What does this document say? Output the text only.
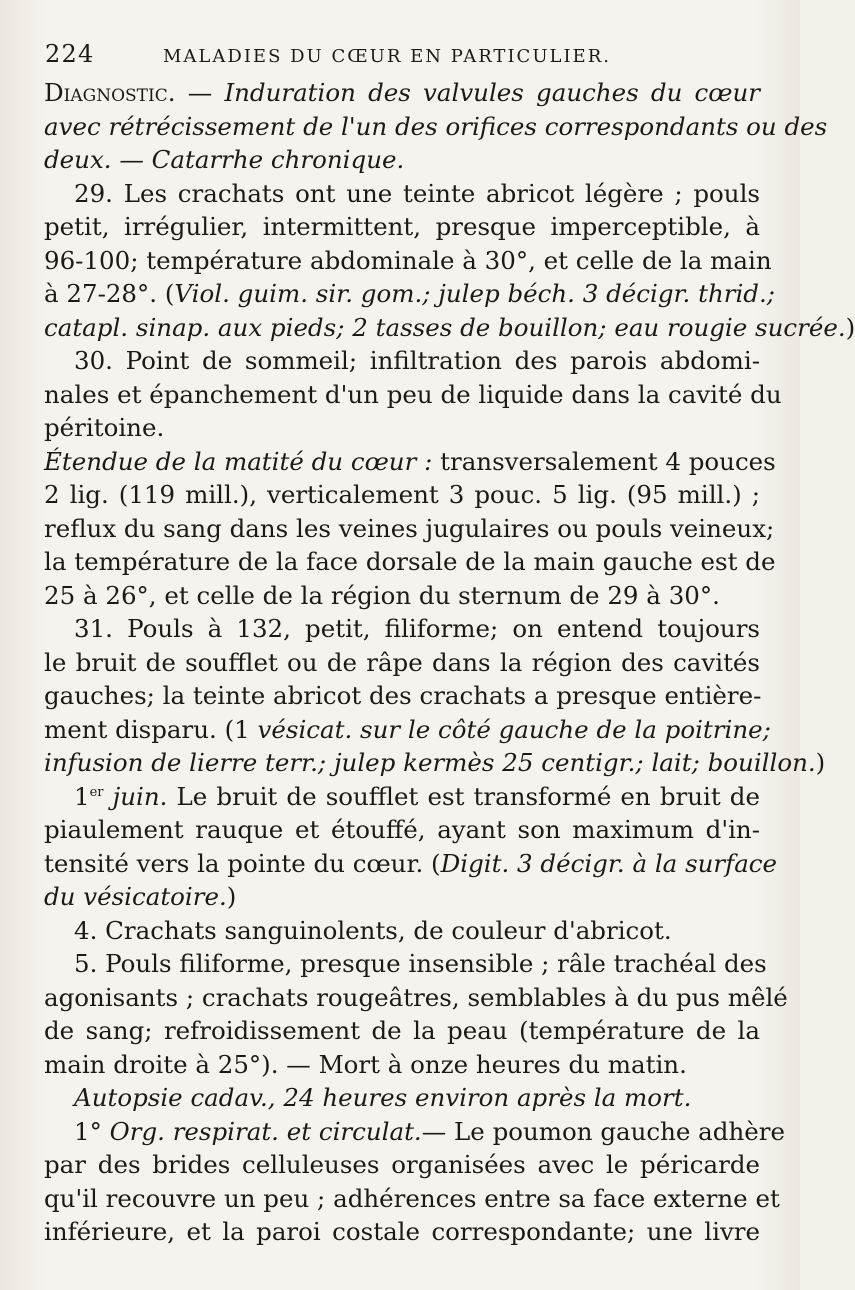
224	MALADIES DU CŒUR EN PARTICULIER.
Diagnostic. — Induration des valvules gauches du cœur
avec rétrécissement de l'un des orifices correspondants ou des
deux. — Catarrhe chronique.
29. Les crachats ont une teinte abricot légère ; pouls
petit, irrégulier, intermittent, presque imperceptible, à
96-100; température abdominale à 30°, et celle de la main
à 27-28°. (Viol. guim. sir. gom.; julep béch. 3 décigr. thrid.;
catapl. sinap. aux pieds; 2 tasses de bouillon; eau rougie sucrée.)
30. Point de sommeil; infiltration des parois abdomi-
nales et épanchement d'un peu de liquide dans la cavité du
péritoine.
Étendue de la matité du cœur : transversalement 4 pouces
2 lig. (119 mill.), verticalement 3 pouc. 5 lig. (95 mill.) ;
reflux du sang dans les veines jugulaires ou pouls veineux;
la température de la face dorsale de la main gauche est de
25 à 26°, et celle de la région du sternum de 29 à 30°.
31. Pouls à 132, petit, filiforme; on entend toujours
le bruit de soufflet ou de râpe dans la région des cavités
gauches; la teinte abricot des crachats a presque entière-
ment disparu. (1 vésicat. sur le côté gauche de la poitrine;
infusion de lierre terr.; julep kermès 25 centigr.; lait; bouillon.)
1er juin. Le bruit de soufflet est transformé en bruit de
piaulement rauque et étouffé, ayant son maximum d'in-
tensité vers la pointe du cœur. (Digit. 3 décigr. à la surface
du vésicatoire.)
4. Crachats sanguinolents, de couleur d'abricot.
5. Pouls filiforme, presque insensible ; râle trachéal des
agonisants ; crachats rougeâtres, semblables à du pus mêlé
de sang; refroidissement de la peau (température de la
main droite à 25°). — Mort à onze heures du matin.
Autopsie cadav., 24 heures environ après la mort.
1° Org. respirat. et circulat.— Le poumon gauche adhère
par des brides celluleuses organisées avec le péricarde
qu'il recouvre un peu ; adhérences entre sa face externe et
inférieure, et la paroi costale correspondante; une livre
